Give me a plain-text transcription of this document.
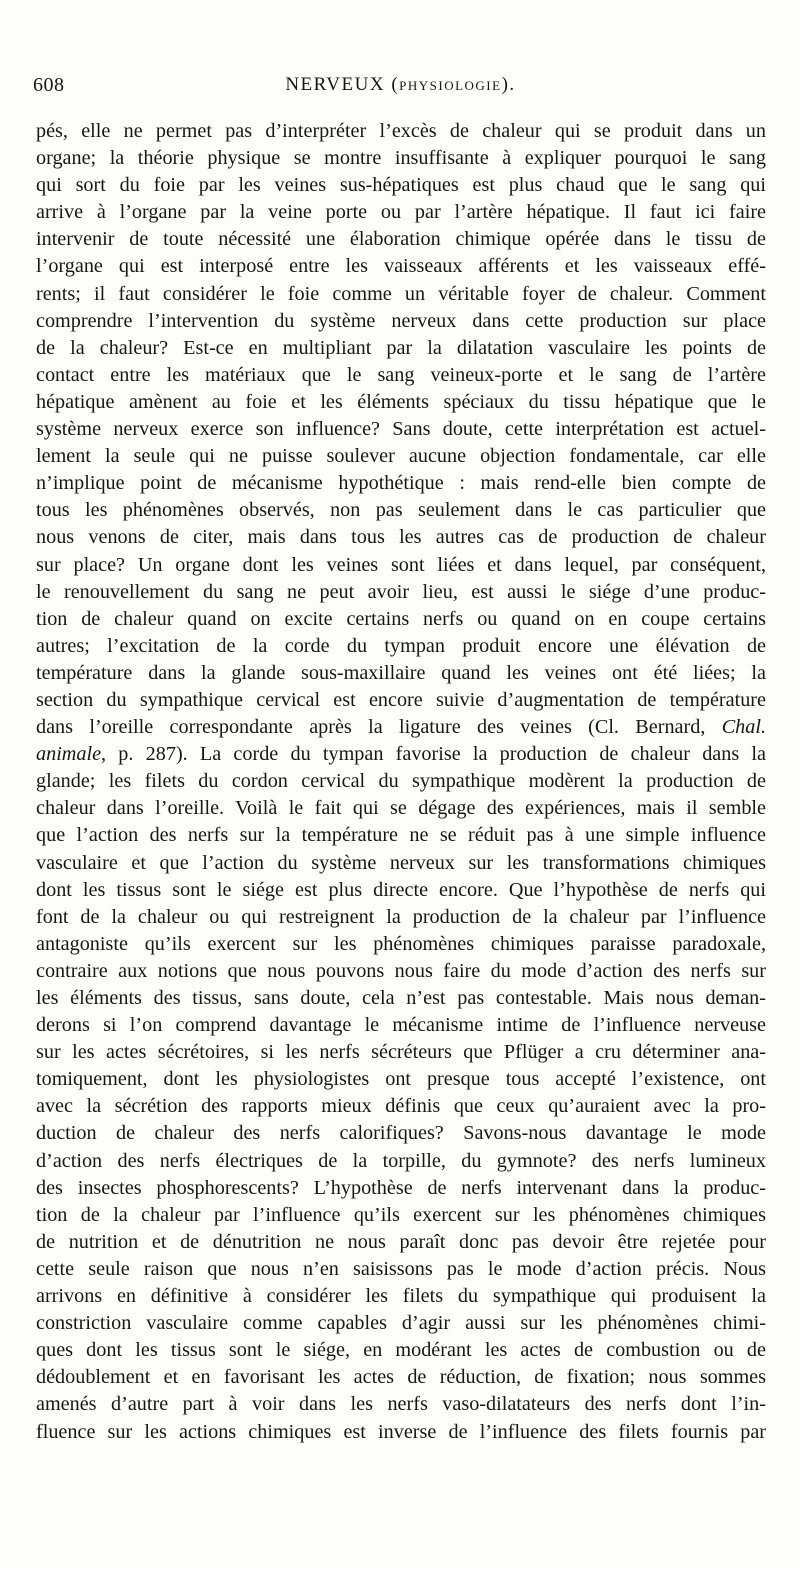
608	NERVEUX (PHYSIOLOGIE).
pés, elle ne permet pas d’interpréter l’excès de chaleur qui se produit dans un
organe; la théorie physique se montre insuffisante à expliquer pourquoi le sang
qui sort du foie par les veines sus-hépatiques est plus chaud que le sang qui
arrive à l’organe par la veine porte ou par l’artère hépatique. Il faut ici faire
intervenir de toute nécessité une élaboration chimique opérée dans le tissu de
l’organe qui est interposé entre les vaisseaux afférents et les vaisseaux effé-
rents; il faut considérer le foie comme un véritable foyer de chaleur. Comment
comprendre l’intervention du système nerveux dans cette production sur place
de la chaleur? Est-ce en multipliant par la dilatation vasculaire les points de
contact entre les matériaux que le sang veineux-porte et le sang de l’artère
hépatique amènent au foie et les éléments spéciaux du tissu hépatique que le
système nerveux exerce son influence? Sans doute, cette interprétation est actuel-
lement la seule qui ne puisse soulever aucune objection fondamentale, car elle
n’implique point de mécanisme hypothétique : mais rend-elle bien compte de
tous les phénomènes observés, non pas seulement dans le cas particulier que
nous venons de citer, mais dans tous les autres cas de production de chaleur
sur place? Un organe dont les veines sont liées et dans lequel, par conséquent,
le renouvellement du sang ne peut avoir lieu, est aussi le siége d’une produc-
tion de chaleur quand on excite certains nerfs ou quand on en coupe certains
autres; l’excitation de la corde du tympan produit encore une élévation de
température dans la glande sous-maxillaire quand les veines ont été liées; la
section du sympathique cervical est encore suivie d’augmentation de température
dans l’oreille correspondante après la ligature des veines (Cl. Bernard, Chal.
animale, p. 287). La corde du tympan favorise la production de chaleur dans la
glande; les filets du cordon cervical du sympathique modèrent la production de
chaleur dans l’oreille. Voilà le fait qui se dégage des expériences, mais il semble
que l’action des nerfs sur la température ne se réduit pas à une simple influence
vasculaire et que l’action du système nerveux sur les transformations chimiques
dont les tissus sont le siége est plus directe encore. Que l’hypothèse de nerfs qui
font de la chaleur ou qui restreignent la production de la chaleur par l’influence
antagoniste qu’ils exercent sur les phénomènes chimiques paraisse paradoxale,
contraire aux notions que nous pouvons nous faire du mode d’action des nerfs sur
les éléments des tissus, sans doute, cela n’est pas contestable. Mais nous deman-
derons si l’on comprend davantage le mécanisme intime de l’influence nerveuse
sur les actes sécrétoires, si les nerfs sécréteurs que Pflüger a cru déterminer ana-
tomiquement, dont les physiologistes ont presque tous accepté l’existence, ont
avec la sécrétion des rapports mieux définis que ceux qu’auraient avec la pro-
duction de chaleur des nerfs calorifiques? Savons-nous davantage le mode
d’action des nerfs électriques de la torpille, du gymnote? des nerfs lumineux
des insectes phosphorescents? L’hypothèse de nerfs intervenant dans la produc-
tion de la chaleur par l’influence qu’ils exercent sur les phénomènes chimiques
de nutrition et de dénutrition ne nous paraît donc pas devoir être rejetée pour
cette seule raison que nous n’en saisissons pas le mode d’action précis. Nous
arrivons en définitive à considérer les filets du sympathique qui produisent la
constriction vasculaire comme capables d’agir aussi sur les phénomènes chimi-
ques dont les tissus sont le siége, en modérant les actes de combustion ou de
dédoublement et en favorisant les actes de réduction, de fixation; nous sommes
amenés d’autre part à voir dans les nerfs vaso-dilatateurs des nerfs dont l’in-
fluence sur les actions chimiques est inverse de l’influence des filets fournis par
